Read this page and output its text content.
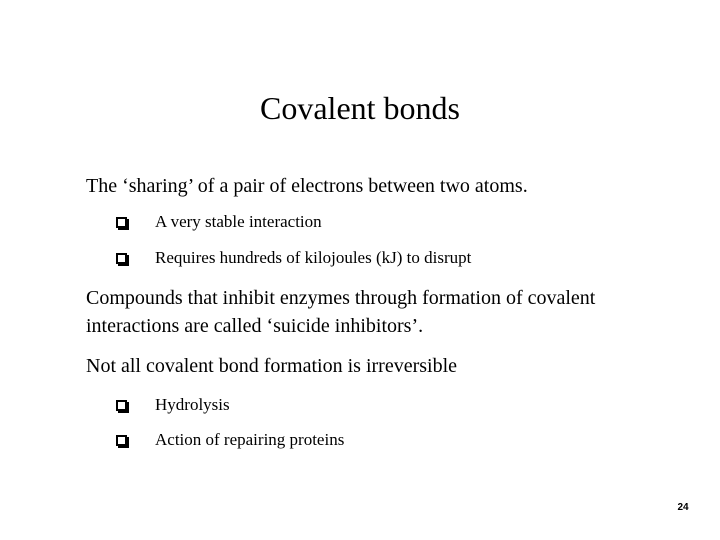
Covalent bonds

The ‘sharing’ of a pair of electrons between two atoms.

A very stable interaction
Requires hundreds of kilojoules (kJ) to disrupt

Compounds that inhibit enzymes through formation of covalent interactions are called ‘suicide inhibitors’.

Not all covalent bond formation is irreversible

Hydrolysis
Action of repairing proteins
24
